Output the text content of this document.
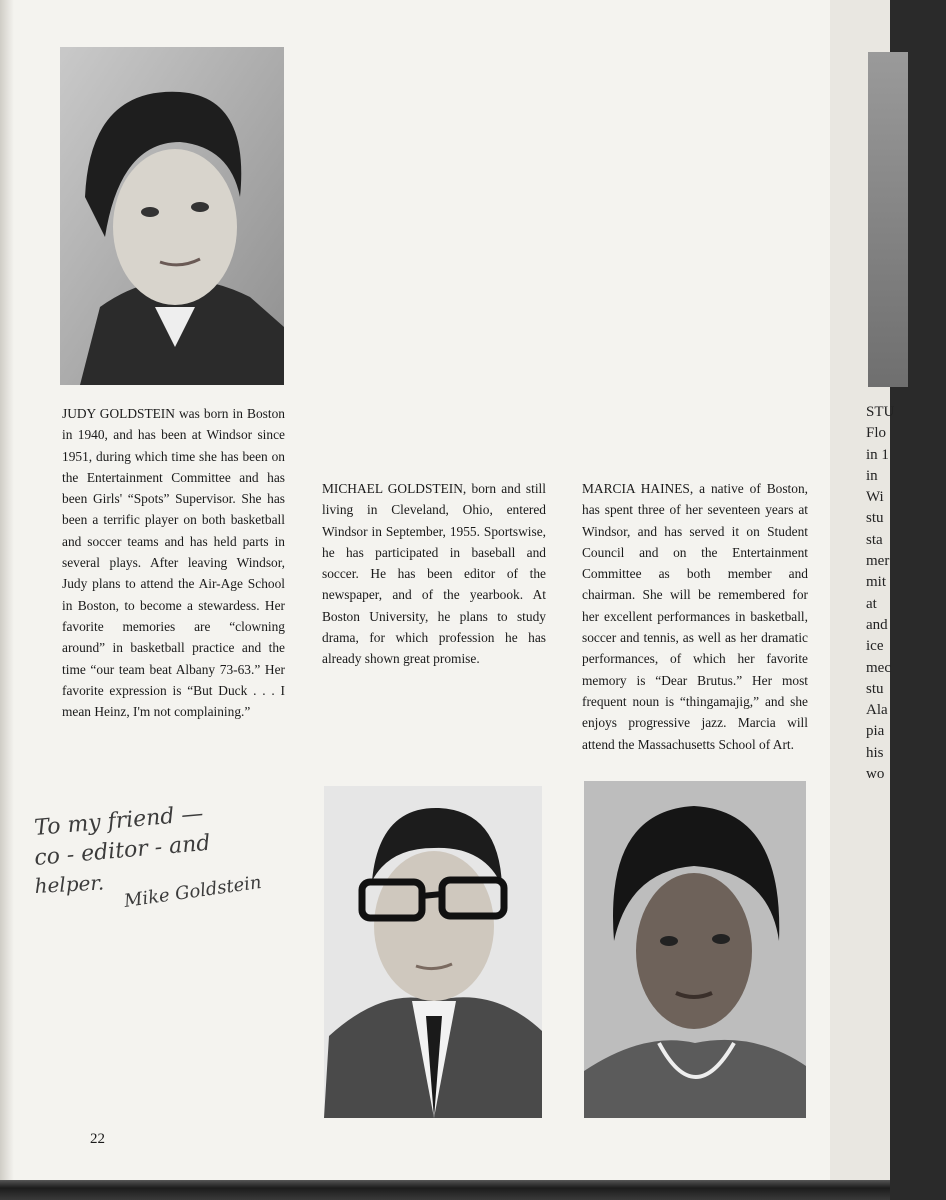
JUDY GOLDSTEIN was born in Boston in 1940, and has been at Windsor since 1951, during which time she has been on the Entertainment Committee and has been Girls' “Spots” Supervisor. She has been a terrific player on both basketball and soccer teams and has held parts in several plays. After leaving Windsor, Judy plans to attend the Air-Age School in Boston, to become a stewardess. Her favorite memories are “clowning around” in basketball practice and the time “our team beat Albany 73-63.” Her favorite expression is “But Duck . . . I mean Heinz, I'm not complaining.”

MICHAEL GOLDSTEIN, born and still living in Cleveland, Ohio, entered Windsor in September, 1955. Sportswise, he has participated in baseball and soccer. He has been editor of the newspaper, and of the yearbook. At Boston University, he plans to study drama, for which profession he has already shown great promise.

MARCIA HAINES, a native of Boston, has spent three of her seventeen years at Windsor, and has served it on Student Council and on the Entertainment Committee as both member and chairman. She will be remembered for her excellent performances in basketball, soccer and tennis, as well as her dramatic performances, of which her favorite memory is “Dear Brutus.” Her most frequent noun is “thingamajig,” and she enjoys progressive jazz. Marcia will attend the Massachusetts School of Art.

To my friend —
co - editor - and
helper. Mike Goldstein
22
STU
Flo
in 1
in
Wi
stu
sta
mer
mit
at
and
ice
mec
stu
Ala
pia
his
wo
